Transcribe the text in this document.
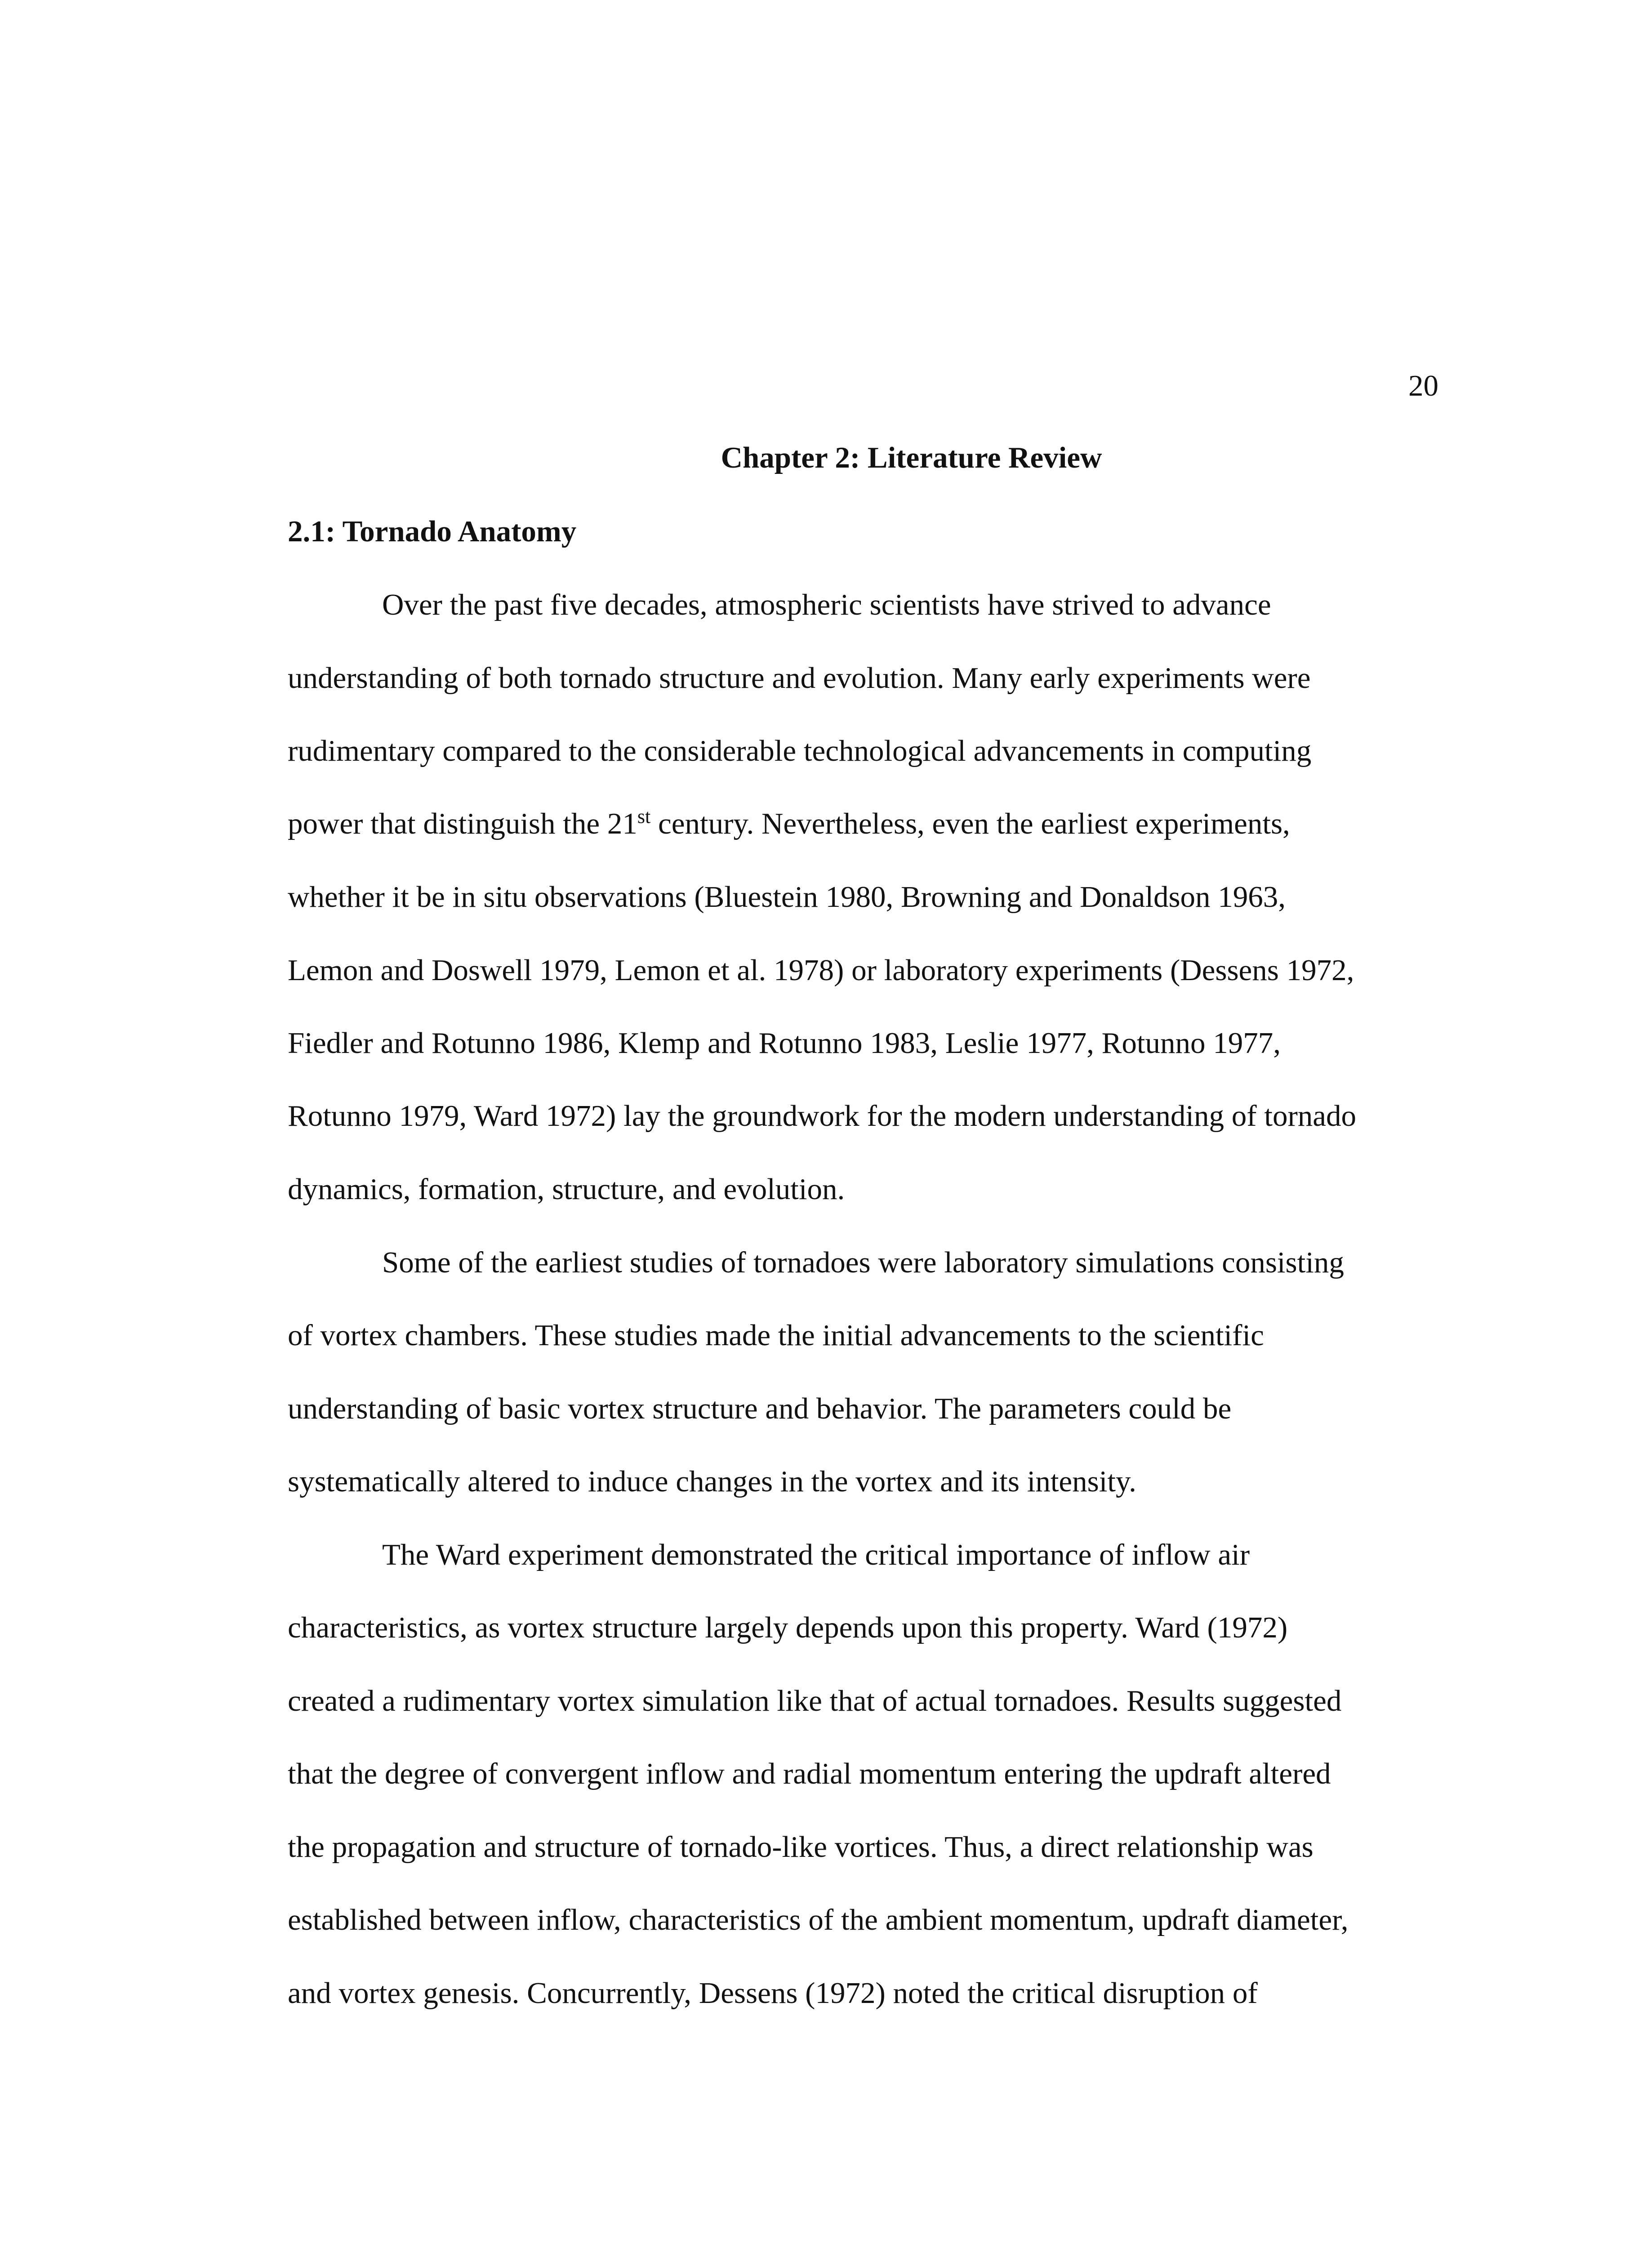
20
Chapter 2: Literature Review
2.1: Tornado Anatomy
Over the past five decades, atmospheric scientists have strived to advance
understanding of both tornado structure and evolution. Many early experiments were
rudimentary compared to the considerable technological advancements in computing
power that distinguish the 21st century. Nevertheless, even the earliest experiments,
whether it be in situ observations (Bluestein 1980, Browning and Donaldson 1963,
Lemon and Doswell 1979, Lemon et al. 1978) or laboratory experiments (Dessens 1972,
Fiedler and Rotunno 1986, Klemp and Rotunno 1983, Leslie 1977, Rotunno 1977,
Rotunno 1979, Ward 1972) lay the groundwork for the modern understanding of tornado
dynamics, formation, structure, and evolution.
Some of the earliest studies of tornadoes were laboratory simulations consisting
of vortex chambers. These studies made the initial advancements to the scientific
understanding of basic vortex structure and behavior. The parameters could be
systematically altered to induce changes in the vortex and its intensity.
The Ward experiment demonstrated the critical importance of inflow air
characteristics, as vortex structure largely depends upon this property. Ward (1972)
created a rudimentary vortex simulation like that of actual tornadoes. Results suggested
that the degree of convergent inflow and radial momentum entering the updraft altered
the propagation and structure of tornado-like vortices. Thus, a direct relationship was
established between inflow, characteristics of the ambient momentum, updraft diameter,
and vortex genesis. Concurrently, Dessens (1972) noted the critical disruption of
